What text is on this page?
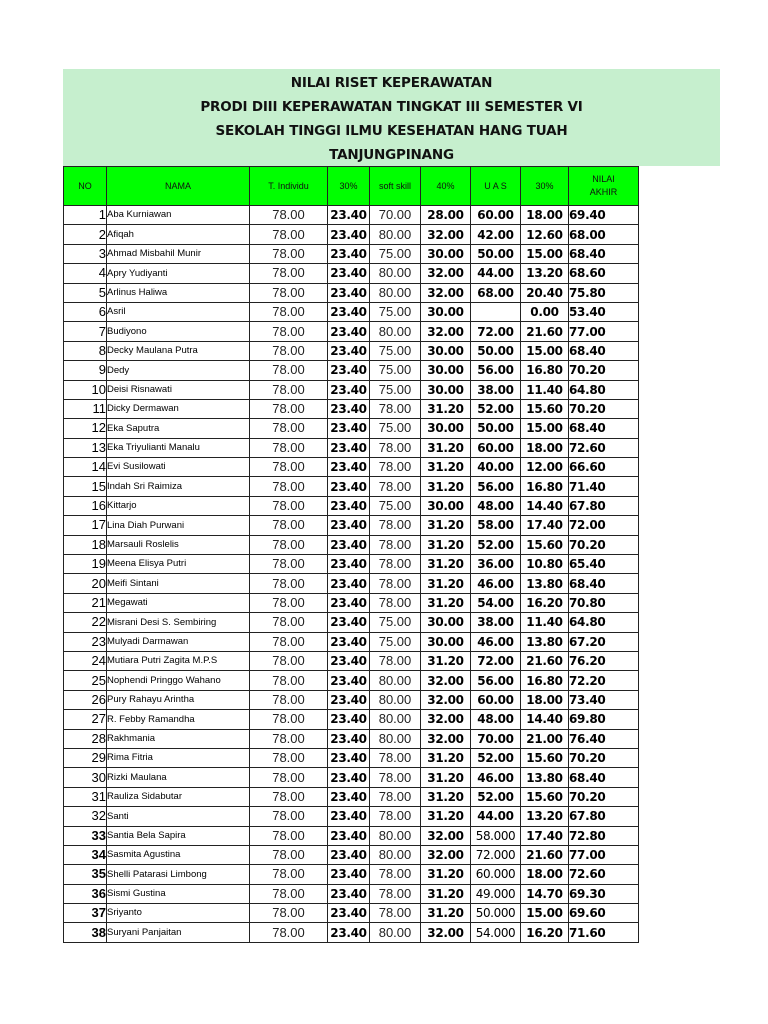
NILAI RISET KEPERAWATAN
PRODI DIII KEPERAWATAN TINGKAT III SEMESTER VI
SEKOLAH TINGGI ILMU KESEHATAN HANG TUAH
TANJUNGPINANG
NO	NAMA	T. Individu	30%	soft skill	40%	U A S	30%	NILAI AKHIR
1	Aba Kurniawan	78.00	23.40	70.00	28.00	60.00	18.00	69.40
2	Afiqah	78.00	23.40	80.00	32.00	42.00	12.60	68.00
3	Ahmad Misbahil Munir	78.00	23.40	75.00	30.00	50.00	15.00	68.40
4	Apry Yudiyanti	78.00	23.40	80.00	32.00	44.00	13.20	68.60
5	Arlinus Haliwa	78.00	23.40	80.00	32.00	68.00	20.40	75.80
6	Asril	78.00	23.40	75.00	30.00		0.00	53.40
7	Budiyono	78.00	23.40	80.00	32.00	72.00	21.60	77.00
8	Decky Maulana Putra	78.00	23.40	75.00	30.00	50.00	15.00	68.40
9	Dedy	78.00	23.40	75.00	30.00	56.00	16.80	70.20
10	Deisi Risnawati	78.00	23.40	75.00	30.00	38.00	11.40	64.80
11	Dicky Dermawan	78.00	23.40	78.00	31.20	52.00	15.60	70.20
12	Eka Saputra	78.00	23.40	75.00	30.00	50.00	15.00	68.40
13	Eka Triyulianti Manalu	78.00	23.40	78.00	31.20	60.00	18.00	72.60
14	Evi Susilowati	78.00	23.40	78.00	31.20	40.00	12.00	66.60
15	Indah Sri Raimiza	78.00	23.40	78.00	31.20	56.00	16.80	71.40
16	Kittarjo	78.00	23.40	75.00	30.00	48.00	14.40	67.80
17	Lina Diah Purwani	78.00	23.40	78.00	31.20	58.00	17.40	72.00
18	Marsauli Roslelis	78.00	23.40	78.00	31.20	52.00	15.60	70.20
19	Meena Elisya Putri	78.00	23.40	78.00	31.20	36.00	10.80	65.40
20	Meifi Sintani	78.00	23.40	78.00	31.20	46.00	13.80	68.40
21	Megawati	78.00	23.40	78.00	31.20	54.00	16.20	70.80
22	Misrani Desi S. Sembiring	78.00	23.40	75.00	30.00	38.00	11.40	64.80
23	Mulyadi Darmawan	78.00	23.40	75.00	30.00	46.00	13.80	67.20
24	Mutiara Putri Zagita M.P.S	78.00	23.40	78.00	31.20	72.00	21.60	76.20
25	Nophendi Pringgo Wahano	78.00	23.40	80.00	32.00	56.00	16.80	72.20
26	Pury Rahayu Arintha	78.00	23.40	80.00	32.00	60.00	18.00	73.40
27	R. Febby Ramandha	78.00	23.40	80.00	32.00	48.00	14.40	69.80
28	Rakhmania	78.00	23.40	80.00	32.00	70.00	21.00	76.40
29	Rima Fitria	78.00	23.40	78.00	31.20	52.00	15.60	70.20
30	Rizki Maulana	78.00	23.40	78.00	31.20	46.00	13.80	68.40
31	Rauliza Sidabutar	78.00	23.40	78.00	31.20	52.00	15.60	70.20
32	Santi	78.00	23.40	78.00	31.20	44.00	13.20	67.80
33	Santia Bela Sapira	78.00	23.40	80.00	32.00	58.000	17.40	72.80
34	Sasmita Agustina	78.00	23.40	80.00	32.00	72.000	21.60	77.00
35	Shelli Patarasi Limbong	78.00	23.40	78.00	31.20	60.000	18.00	72.60
36	Sismi Gustina	78.00	23.40	78.00	31.20	49.000	14.70	69.30
37	Sriyanto	78.00	23.40	78.00	31.20	50.000	15.00	69.60
38	Suryani Panjaitan	78.00	23.40	80.00	32.00	54.000	16.20	71.60
